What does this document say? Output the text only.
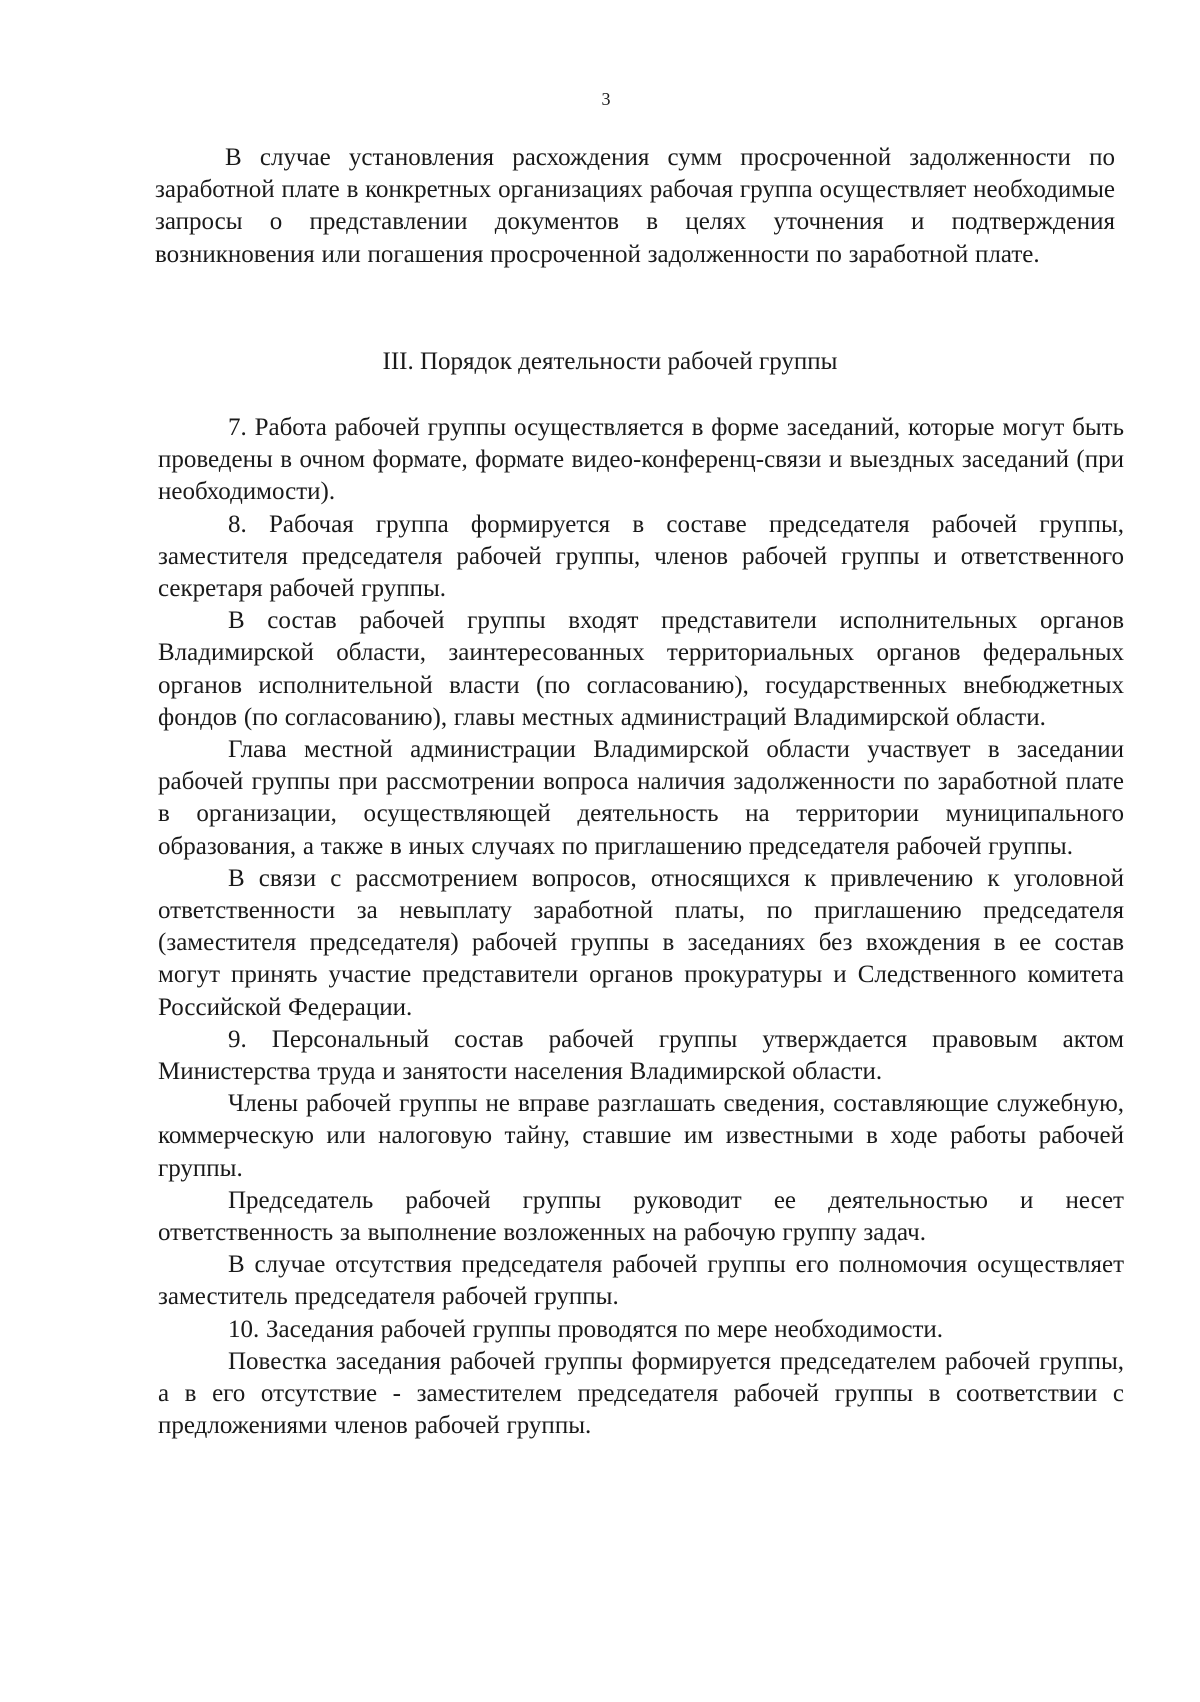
3

В случае установления расхождения сумм просроченной задолженности по заработной плате в конкретных организациях рабочая группа осуществляет необходимые запросы о представлении документов в целях уточнения и подтверждения возникновения или погашения просроченной задолженности по заработной плате.

III. Порядок деятельности рабочей группы

7. Работа рабочей группы осуществляется в форме заседаний, которые могут быть проведены в очном формате, формате видео-конференц-связи и выездных заседаний (при необходимости).

8. Рабочая группа формируется в составе председателя рабочей группы, заместителя председателя рабочей группы, членов рабочей группы и ответственного секретаря рабочей группы.

В состав рабочей группы входят представители исполнительных органов Владимирской области, заинтересованных территориальных органов федеральных органов исполнительной власти (по согласованию), государственных внебюджетных фондов (по согласованию), главы местных администраций Владимирской области.

Глава местной администрации Владимирской области участвует в заседании рабочей группы при рассмотрении вопроса наличия задолженности по заработной плате в организации, осуществляющей деятельность на территории муниципального образования, а также в иных случаях по приглашению председателя рабочей группы.

В связи с рассмотрением вопросов, относящихся к привлечению к уголовной ответственности за невыплату заработной платы, по приглашению председателя (заместителя председателя) рабочей группы в заседаниях без вхождения в ее состав могут принять участие представители органов прокуратуры и Следственного комитета Российской Федерации.

9. Персональный состав рабочей группы утверждается правовым актом Министерства труда и занятости населения Владимирской области.

Члены рабочей группы не вправе разглашать сведения, составляющие служебную, коммерческую или налоговую тайну, ставшие им известными в ходе работы рабочей группы.

Председатель рабочей группы руководит ее деятельностью и несет ответственность за выполнение возложенных на рабочую группу задач.

В случае отсутствия председателя рабочей группы его полномочия осуществляет заместитель председателя рабочей группы.

10. Заседания рабочей группы проводятся по мере необходимости.

Повестка заседания рабочей группы формируется председателем рабочей группы, а в его отсутствие - заместителем председателя рабочей группы в соответствии с предложениями членов рабочей группы.
